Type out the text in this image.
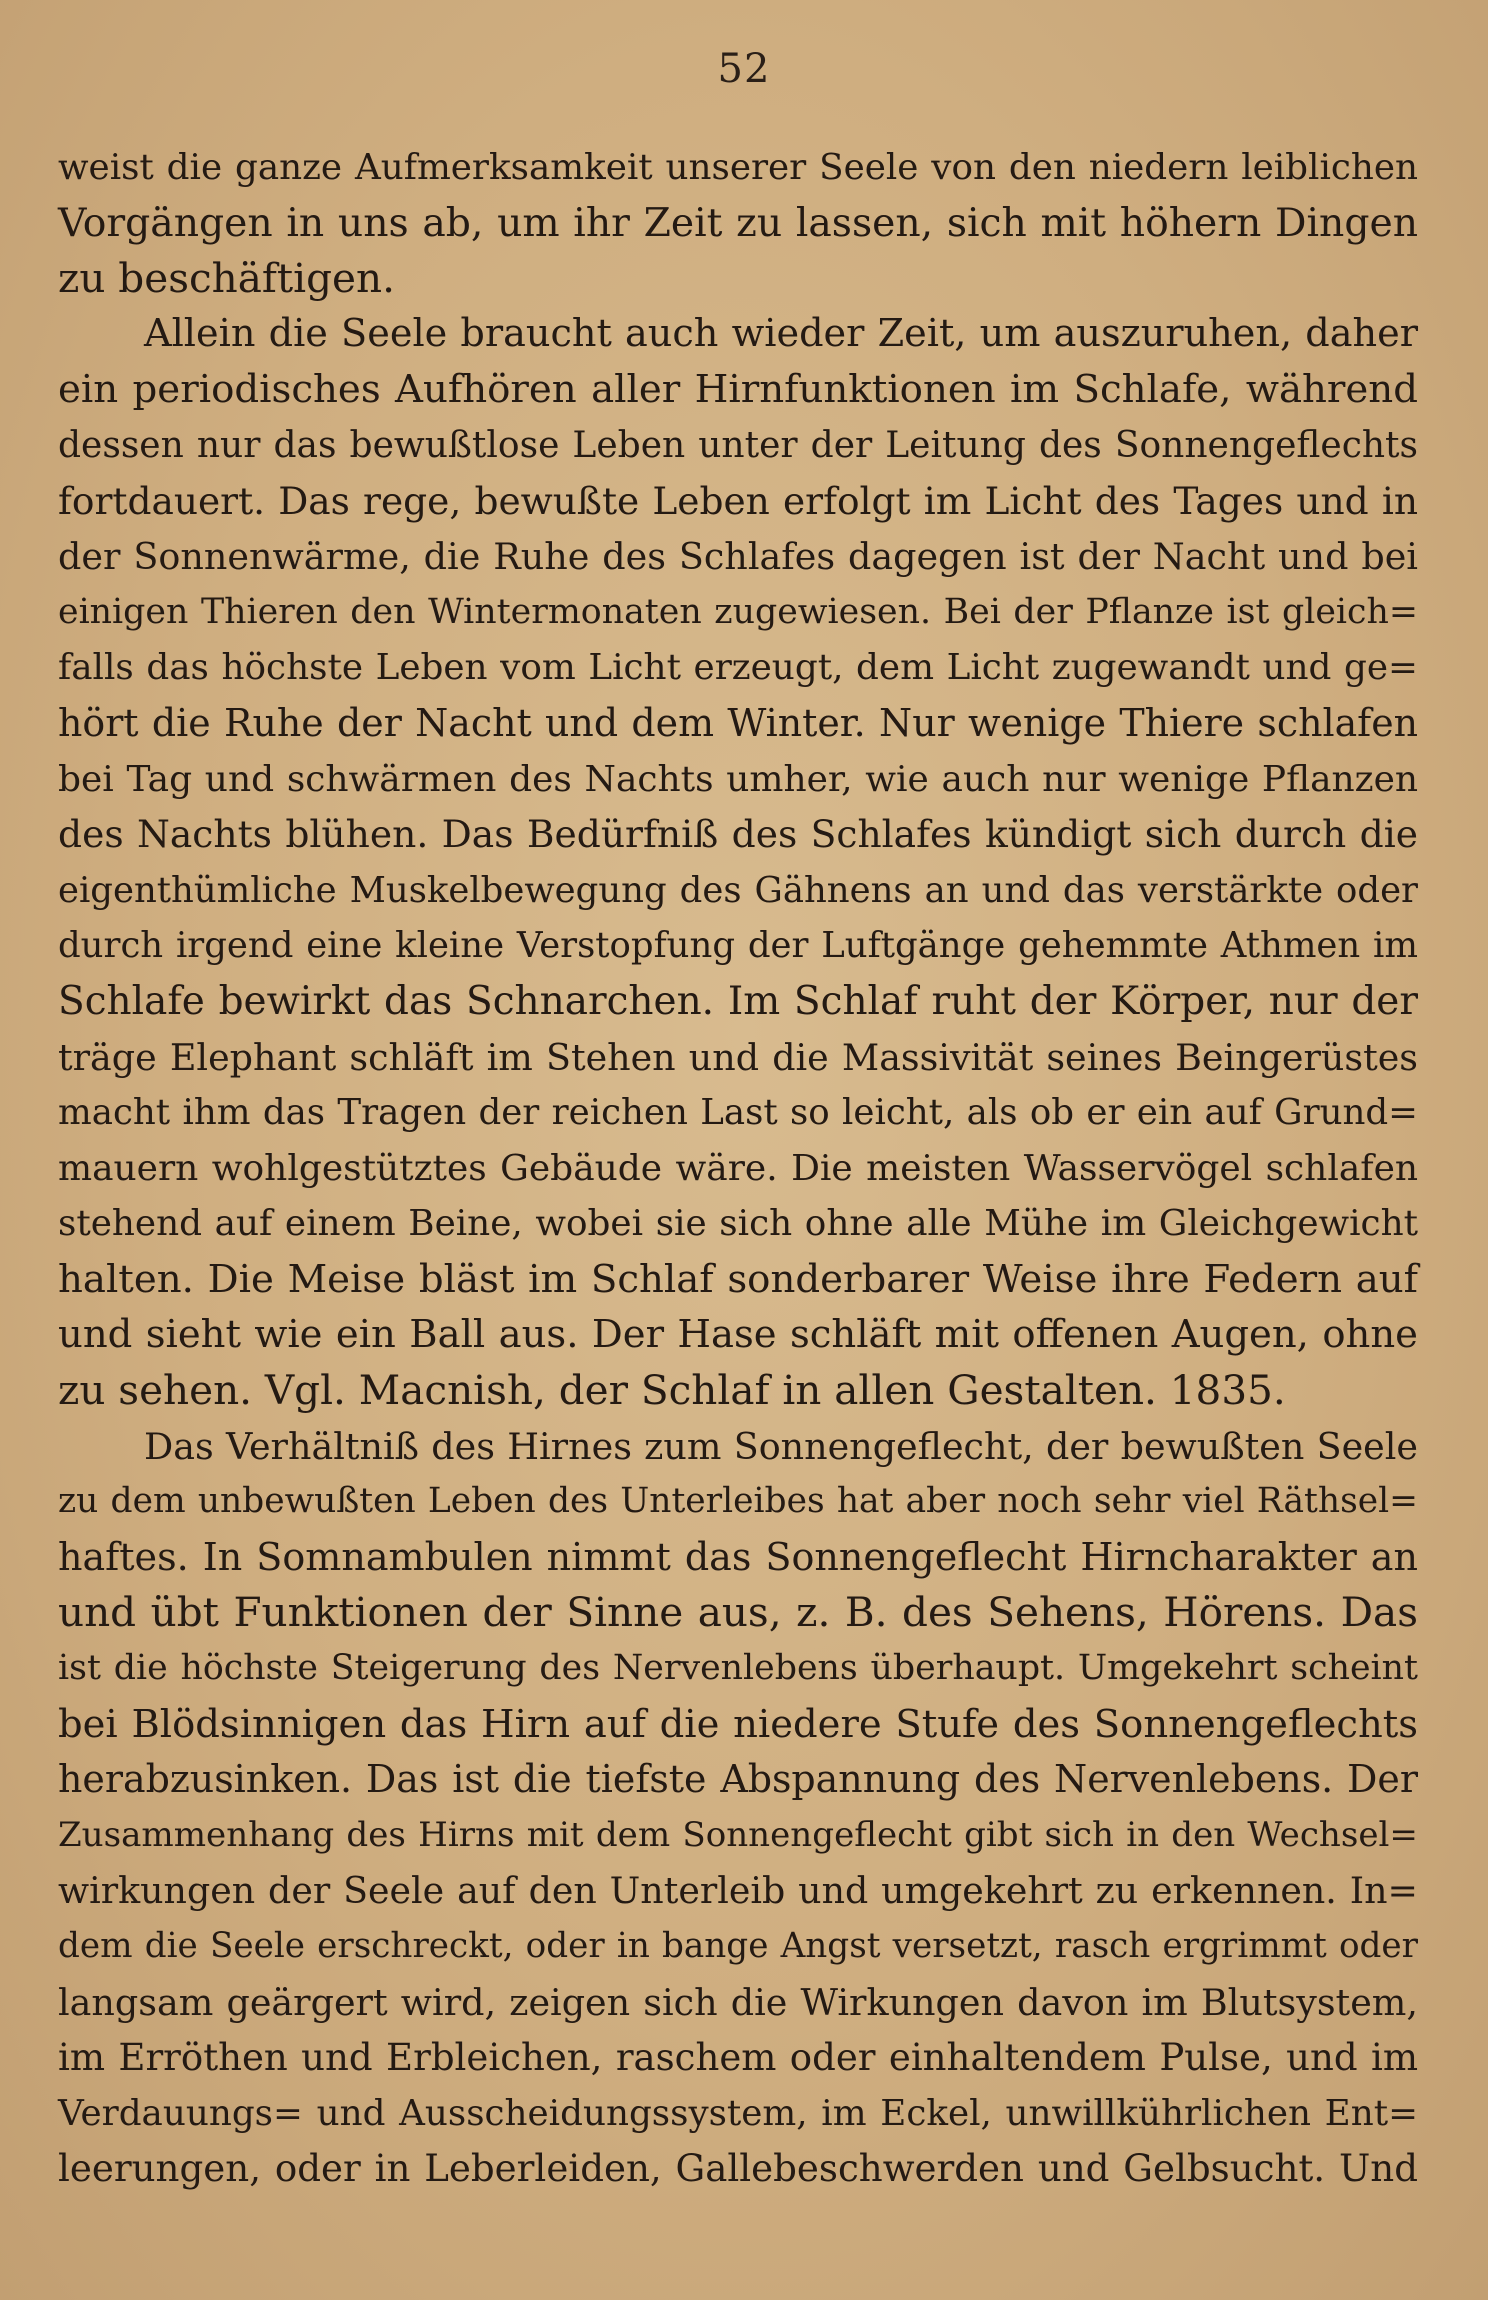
52
weist die ganze Aufmerksamkeit unserer Seele von den niedern leiblichen
Vorgängen in uns ab, um ihr Zeit zu lassen, sich mit höhern Dingen
zu beschäftigen.
Allein die Seele braucht auch wieder Zeit, um auszuruhen, daher
ein periodisches Aufhören aller Hirnfunktionen im Schlafe, während
dessen nur das bewußtlose Leben unter der Leitung des Sonnengeflechts
fortdauert. Das rege, bewußte Leben erfolgt im Licht des Tages und in
der Sonnenwärme, die Ruhe des Schlafes dagegen ist der Nacht und bei
einigen Thieren den Wintermonaten zugewiesen. Bei der Pflanze ist gleich=
falls das höchste Leben vom Licht erzeugt, dem Licht zugewandt und ge=
hört die Ruhe der Nacht und dem Winter. Nur wenige Thiere schlafen
bei Tag und schwärmen des Nachts umher, wie auch nur wenige Pflanzen
des Nachts blühen. Das Bedürfniß des Schlafes kündigt sich durch die
eigenthümliche Muskelbewegung des Gähnens an und das verstärkte oder
durch irgend eine kleine Verstopfung der Luftgänge gehemmte Athmen im
Schlafe bewirkt das Schnarchen. Im Schlaf ruht der Körper, nur der
träge Elephant schläft im Stehen und die Massivität seines Beingerüstes
macht ihm das Tragen der reichen Last so leicht, als ob er ein auf Grund=
mauern wohlgestütztes Gebäude wäre. Die meisten Wasservögel schlafen
stehend auf einem Beine, wobei sie sich ohne alle Mühe im Gleichgewicht
halten. Die Meise bläst im Schlaf sonderbarer Weise ihre Federn auf
und sieht wie ein Ball aus. Der Hase schläft mit offenen Augen, ohne
zu sehen. Vgl. Macnish, der Schlaf in allen Gestalten. 1835.
Das Verhältniß des Hirnes zum Sonnengeflecht, der bewußten Seele
zu dem unbewußten Leben des Unterleibes hat aber noch sehr viel Räthsel=
haftes. In Somnambulen nimmt das Sonnengeflecht Hirncharakter an
und übt Funktionen der Sinne aus, z. B. des Sehens, Hörens. Das
ist die höchste Steigerung des Nervenlebens überhaupt. Umgekehrt scheint
bei Blödsinnigen das Hirn auf die niedere Stufe des Sonnengeflechts
herabzusinken. Das ist die tiefste Abspannung des Nervenlebens. Der
Zusammenhang des Hirns mit dem Sonnengeflecht gibt sich in den Wechsel=
wirkungen der Seele auf den Unterleib und umgekehrt zu erkennen. In=
dem die Seele erschreckt, oder in bange Angst versetzt, rasch ergrimmt oder
langsam geärgert wird, zeigen sich die Wirkungen davon im Blutsystem,
im Erröthen und Erbleichen, raschem oder einhaltendem Pulse, und im
Verdauungs= und Ausscheidungssystem, im Eckel, unwillkührlichen Ent=
leerungen, oder in Leberleiden, Gallebeschwerden und Gelbsucht. Und
